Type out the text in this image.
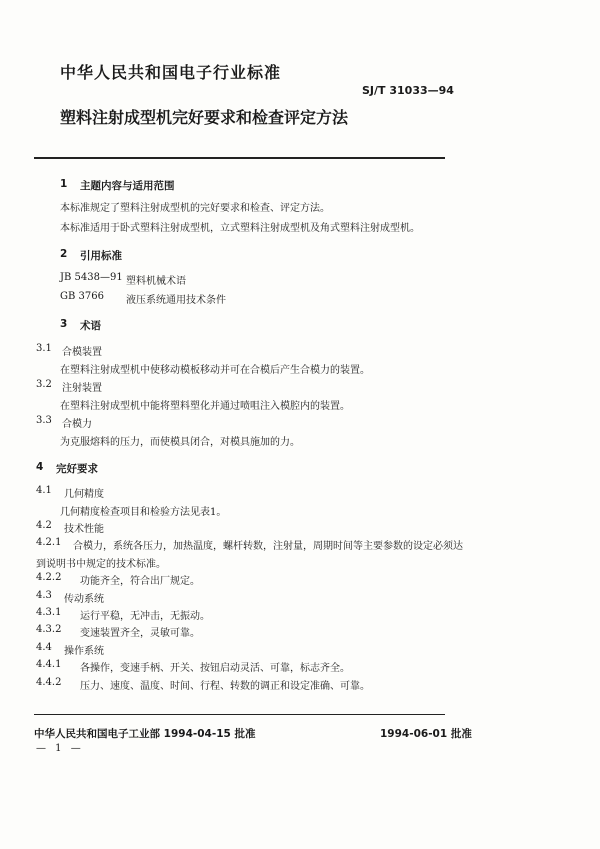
中华人民共和国电子行业标准
SJ/T 31033—94
塑料注射成型机完好要求和检查评定方法
1 主题内容与适用范围
本标准规定了塑料注射成型机的完好要求和检查、评定方法。
本标准适用于卧式塑料注射成型机，立式塑料注射成型机及角式塑料注射成型机。
2 引用标准
JB 5438—91 塑料机械术语
GB 3766 液压系统通用技术条件
3 术语
3.1 合模装置
在塑料注射成型机中使移动模板移动并可在合模后产生合模力的装置。
3.2 注射装置
在塑料注射成型机中能将塑料塑化并通过喷咀注入模腔内的装置。
3.3 合模力
为克服熔料的压力，而使模具闭合，对模具施加的力。
4 完好要求
4.1 几何精度
几何精度检查项目和检验方法见表1。
4.2 技术性能
4.2.1 合模力，系统各压力，加热温度，螺杆转数，注射量，周期时间等主要参数的设定必须达
到说明书中规定的技术标准。
4.2.2 功能齐全，符合出厂规定。
4.3 传动系统
4.3.1 运行平稳，无冲击，无振动。
4.3.2 变速装置齐全，灵敏可靠。
4.4 操作系统
4.4.1 各操作，变速手柄、开关、按钮启动灵活、可靠，标志齐全。
4.4.2 压力、速度、温度、时间、行程、转数的调正和设定准确、可靠。
中华人民共和国电子工业部 1994-04-15 批准	1994-06-01 批准
— 1 —
